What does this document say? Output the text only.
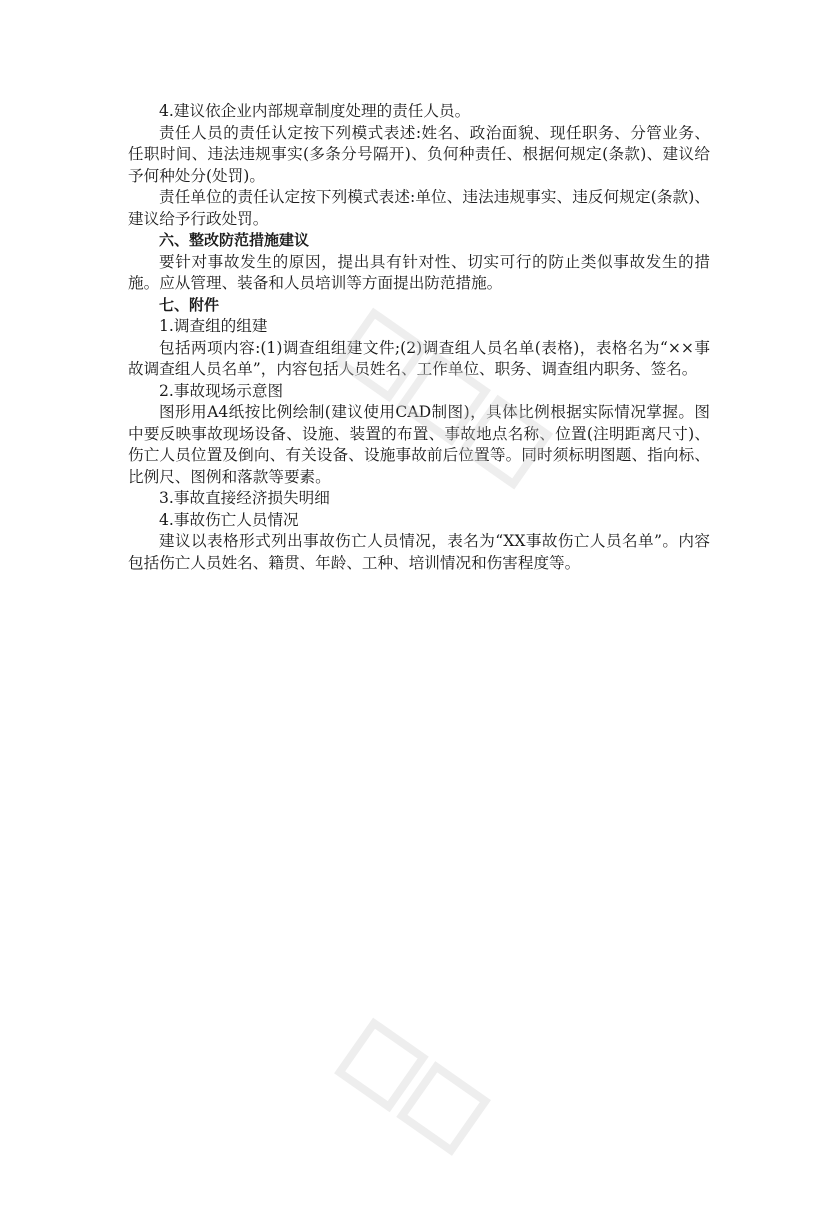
4.建议依企业内部规章制度处理的责任人员。

责任人员的责任认定按下列模式表述:姓名、政治面貌、现任职务、分管业务、任职时间、违法违规事实(多条分号隔开)、负何种责任、根据何规定(条款)、建议给予何种处分(处罚)。

责任单位的责任认定按下列模式表述:单位、违法违规事实、违反何规定(条款)、建议给予行政处罚。

六、整改防范措施建议

要针对事故发生的原因，提出具有针对性、切实可行的防止类似事故发生的措施。应从管理、装备和人员培训等方面提出防范措施。

七、附件

1.调查组的组建

包括两项内容:(1)调查组组建文件;(2)调查组人员名单(表格)，表格名为“××事故调查组人员名单”，内容包括人员姓名、工作单位、职务、调查组内职务、签名。

2.事故现场示意图

图形用A4纸按比例绘制(建议使用CAD制图)，具体比例根据实际情况掌握。图中要反映事故现场设备、设施、装置的布置、事故地点名称、位置(注明距离尺寸)、伤亡人员位置及倒向、有关设备、设施事故前后位置等。同时须标明图题、指向标、比例尺、图例和落款等要素。

3.事故直接经济损失明细

4.事故伤亡人员情况

建议以表格形式列出事故伤亡人员情况，表名为“XX事故伤亡人员名单”。内容包括伤亡人员姓名、籍贯、年龄、工种、培训情况和伤害程度等。
